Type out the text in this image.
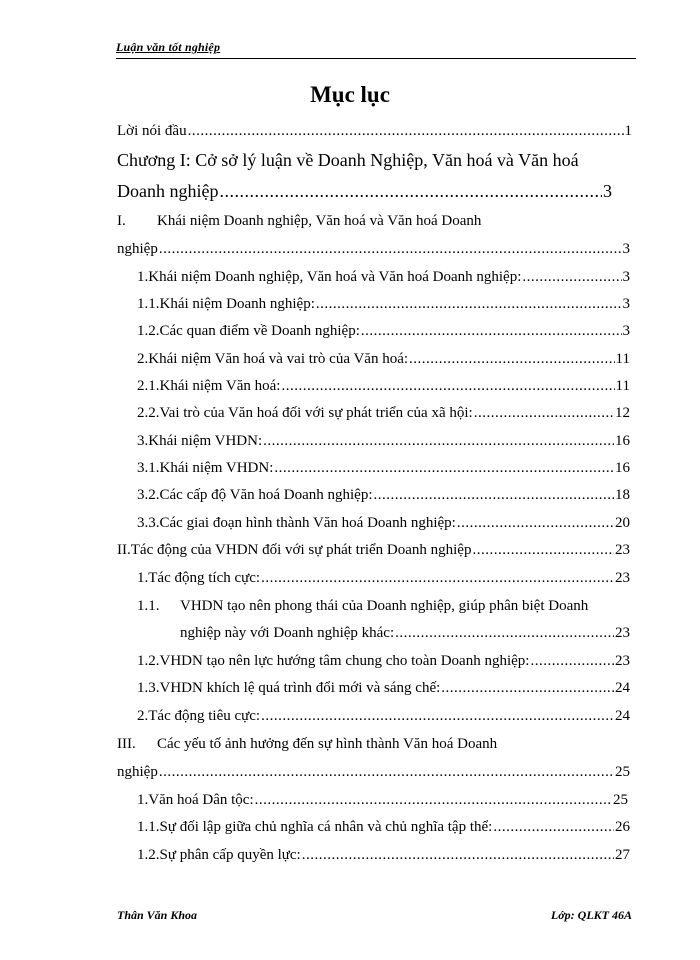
Luận văn tốt nghiệp
Mục lục
Lời nói đầu .....	1
Chương I: Cở sở lý luận về Doanh Nghiệp, Văn hoá và Văn hoá
Doanh nghiệp .....	3
I.	Khái niệm Doanh nghiệp, Văn hoá và Văn hoá Doanh
nghiệp .....	3
1. Khái niệm Doanh nghiệp, Văn hoá và Văn hoá Doanh nghiệp: .....	3
1.1. Khái niệm Doanh nghiệp: .....	3
1.2. Các quan điểm về Doanh nghiệp: .....	3
2. Khái niệm Văn hoá và vai trò của Văn hoá: .....	11
2.1. Khái niệm Văn hoá: .....	11
2.2. Vai trò của Văn hoá đối với sự phát triển của xã hội: .....	12
3. Khái niệm VHDN: .....	16
3.1. Khái niệm VHDN: .....	16
3.2. Các cấp độ Văn hoá Doanh nghiệp: .....	18
3.3. Các giai đoạn hình thành Văn hoá Doanh nghiệp: .....	20
II. Tác động của VHDN đối với sự phát triển Doanh nghiệp .....	23
1. Tác động tích cực: .....	23
1.1.	VHDN tạo nên phong thái của Doanh nghiệp, giúp phân biệt Doanh
nghiệp này với Doanh nghiệp khác: .....	23
1.2. VHDN tạo nên lực hướng tâm chung cho toàn Doanh nghiệp: .....	23
1.3. VHDN khích lệ quá trình đổi mới và sáng chế: .....	24
2. Tác động tiêu cực: .....	24
III.	Các yếu tố ảnh hưởng đến sự hình thành Văn hoá Doanh
nghiệp .....	25
1. Văn hoá Dân tộc: .....	25
1.1. Sự đối lập giữa chủ nghĩa cá nhân và chủ nghĩa tập thể: .....	26
1.2. Sự phân cấp quyền lực: .....	27
Thân Văn Khoa	Lớp: QLKT 46A
